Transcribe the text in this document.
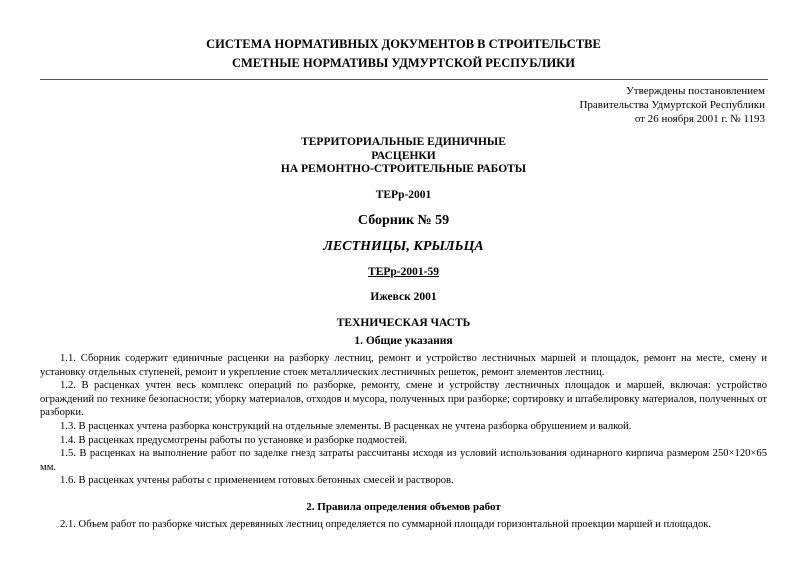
СИСТЕМА НОРМАТИВНЫХ ДОКУМЕНТОВ В СТРОИТЕЛЬСТВЕ
СМЕТНЫЕ НОРМАТИВЫ УДМУРТСКОЙ РЕСПУБЛИКИ
Утверждены постановлением
Правительства Удмуртской Республики
от 26 ноября 2001 г. № 1193
ТЕРРИТОРИАЛЬНЫЕ ЕДИНИЧНЫЕ
РАСЦЕНКИ
НА РЕМОНТНО-СТРОИТЕЛЬНЫЕ РАБОТЫ
ТЕРр-2001
Сборник № 59
ЛЕСТНИЦЫ, КРЫЛЬЦА
ТЕРр-2001-59
Ижевск 2001
ТЕХНИЧЕСКАЯ ЧАСТЬ
1. Общие указания

1.1. Сборник содержит единичные расценки на разборку лестниц, ремонт и устройство лестничных маршей и площадок, ремонт на месте, смену и установку отдельных ступеней, ремонт и укрепление стоек металлических лестничных решеток, ремонт элементов лестниц.

1.2. В расценках учтен весь комплекс операций по разборке, ремонту, смене и устройству лестничных площадок и маршей, включая: устройство ограждений по технике безопасности; уборку материалов, отходов и мусора, полученных при разборке; сортировку и штабелировку материалов, полученных от разборки.

1.3. В расценках учтена разборка конструкций на отдельные элементы. В расценках не учтена разборка обрушением и валкой.

1.4. В расценках предусмотрены работы по установке и разборке подмостей.

1.5. В расценках на выполнение работ по заделке гнезд затраты рассчитаны исходя из условий использования одинарного кирпича размером 250×120×65 мм.

1.6. В расценках учтены работы с применением готовых бетонных смесей и растворов.

2. Правила определения объемов работ

2.1. Объем работ по разборке чистых деревянных лестниц определяется по суммарной площади горизонтальной проекции маршей и площадок.
